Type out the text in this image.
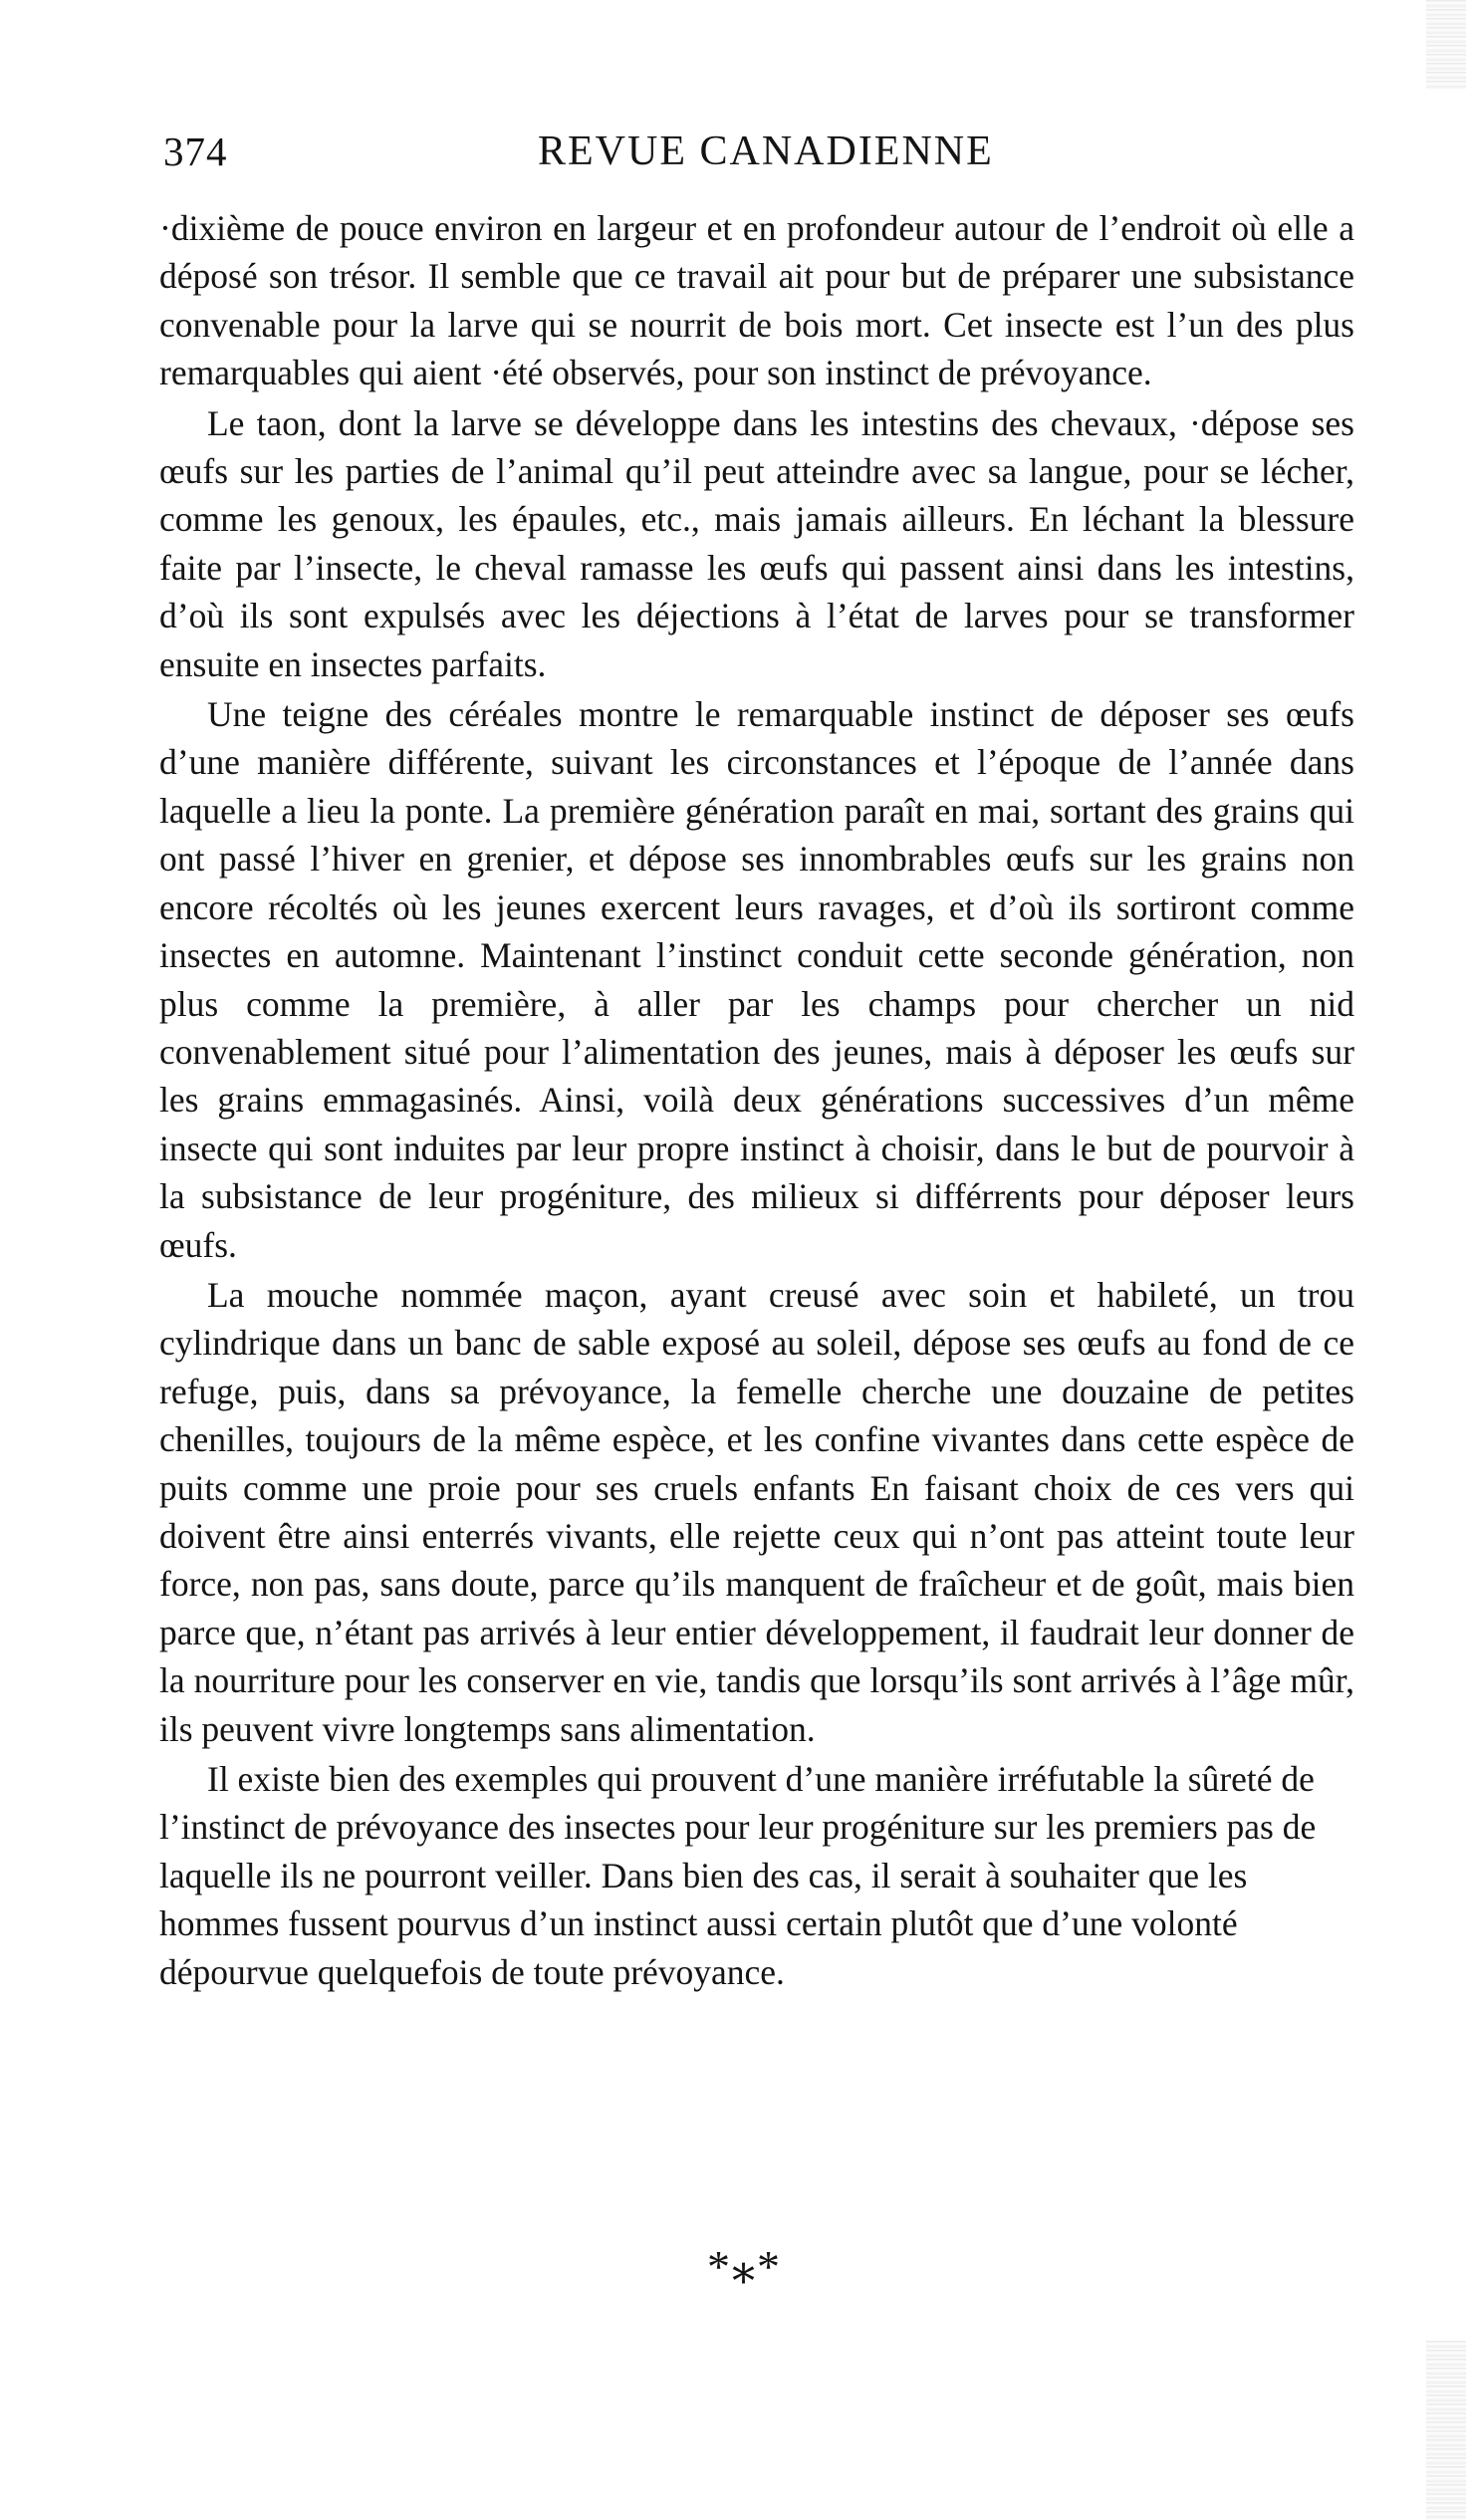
374	REVUE CANADIENNE

·dixième de pouce environ en largeur et en profondeur autour de l’endroit où elle a déposé son trésor. Il semble que ce travail ait pour but de préparer une subsistance convenable pour la larve qui se nourrit de bois mort. Cet insecte est l’un des plus remarquables qui aient ·été observés, pour son instinct de prévoyance.

Le taon, dont la larve se développe dans les intestins des chevaux, ·dépose ses œufs sur les parties de l’animal qu’il peut atteindre avec sa langue, pour se lécher, comme les genoux, les épaules, etc., mais jamais ailleurs. En léchant la blessure faite par l’insecte, le cheval ramasse les œufs qui passent ainsi dans les intestins, d’où ils sont expulsés avec les déjections à l’état de larves pour se transformer ensuite en insectes parfaits.

Une teigne des céréales montre le remarquable instinct de déposer ses œufs d’une manière différente, suivant les circonstances et l’époque de l’année dans laquelle a lieu la ponte. La première génération paraît en mai, sortant des grains qui ont passé l’hiver en grenier, et dépose ses innombrables œufs sur les grains non encore récoltés où les jeunes exercent leurs ravages, et d’où ils sortiront comme insectes en automne. Maintenant l’instinct conduit cette seconde génération, non plus comme la première, à aller par les champs pour chercher un nid convenablement situé pour l’alimentation des jeunes, mais à déposer les œufs sur les grains emmagasinés. Ainsi, voilà deux générations successives d’un même insecte qui sont induites par leur propre instinct à choisir, dans le but de pourvoir à la subsistance de leur progéniture, des milieux si différrents pour déposer leurs œufs.

La mouche nommée maçon, ayant creusé avec soin et habileté, un trou cylindrique dans un banc de sable exposé au soleil, dépose ses œufs au fond de ce refuge, puis, dans sa prévoyance, la femelle cherche une douzaine de petites chenilles, toujours de la même espèce, et les confine vivantes dans cette espèce de puits comme une proie pour ses cruels enfants En faisant choix de ces vers qui doivent être ainsi enterrés vivants, elle rejette ceux qui n’ont pas atteint toute leur force, non pas, sans doute, parce qu’ils manquent de fraîcheur et de goût, mais bien parce que, n’étant pas arrivés à leur entier développement, il faudrait leur donner de la nourriture pour les conserver en vie, tandis que lorsqu’ils sont arrivés à l’âge mûr, ils peuvent vivre longtemps sans alimentation.

Il existe bien des exemples qui prouvent d’une manière irréfutable la sûreté de l’instinct de prévoyance des insectes pour leur progéniture sur les premiers pas de laquelle ils ne pourront veiller. Dans bien des cas, il serait à souhaiter que les hommes fussent pourvus d’un instinct aussi certain plutôt que d’une volonté dépourvue quelquefois de toute prévoyance.

*⁎*
